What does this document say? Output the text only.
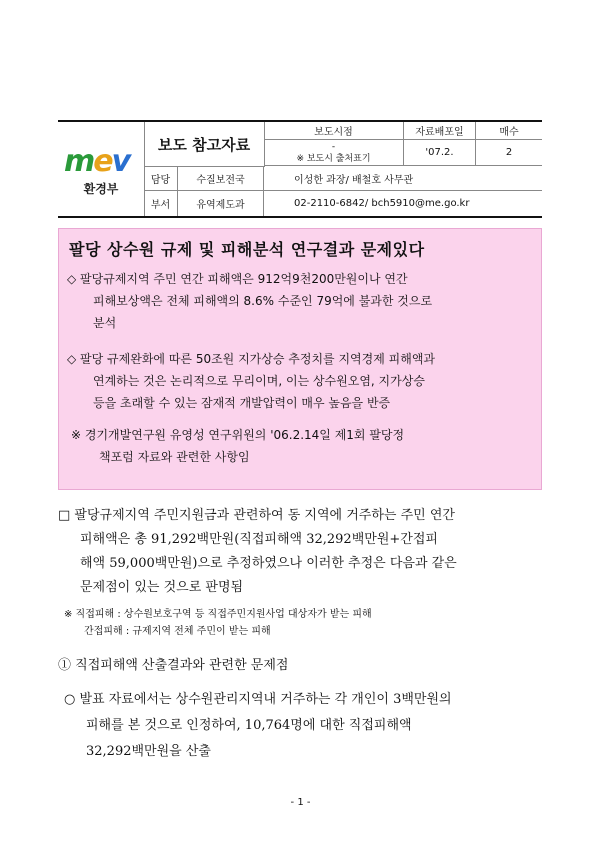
mev
환경부
보도 참고자료
보도시점	자료배포일	매수
-
※ 보도시 출처표기
'07.2.	2
담당	수질보전국	이성한 과장/ 배철호 사무관
부서	유역제도과	02-2110-6842/ bch5910@me.go.kr
팔당 상수원 규제 및 피해분석 연구결과 문제있다
◇ 팔당규제지역 주민 연간 피해액은 912억9천200만원이나 연간
피해보상액은 전체 피해액의 8.6% 수준인 79억에 불과한 것으로
분석
◇ 팔당 규제완화에 따른 50조원 지가상승 추정치를 지역경제 피해액과
연계하는 것은 논리적으로 무리이며, 이는 상수원오염, 지가상승
등을 초래할 수 있는 잠재적 개발압력이 매우 높음을 반증
※ 경기개발연구원 유영성 연구위원의 '06.2.14일 제1회 팔당정
책포럼 자료와 관련한 사항임
□ 팔당규제지역 주민지원금과 관련하여 동 지역에 거주하는 주민 연간
피해액은 총 91,292백만원(직접피해액 32,292백만원+간접피
해액 59,000백만원)으로 추정하였으나 이러한 추정은 다음과 같은
문제점이 있는 것으로 판명됨
※ 직접피해 : 상수원보호구역 등 직접주민지원사업 대상자가 받는 피해
간접피해 : 규제지역 전체 주민이 받는 피해
① 직접피해액 산출결과와 관련한 문제점
○ 발표 자료에서는 상수원관리지역내 거주하는 각 개인이 3백만원의
피해를 본 것으로 인정하여, 10,764명에 대한 직접피해액
32,292백만원을 산출
- 1 -
